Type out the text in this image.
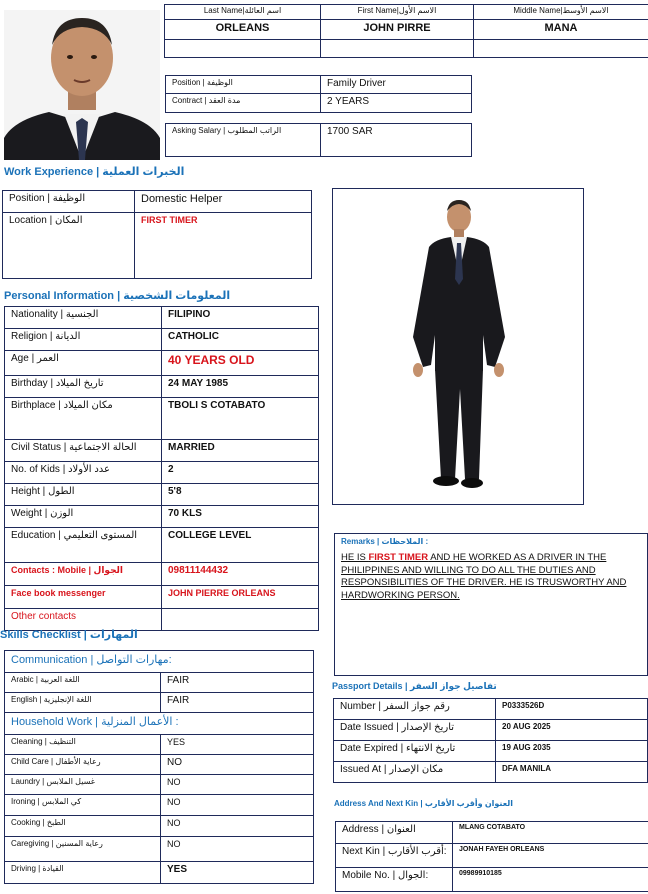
Last Name|اسم العائلة	First Name|الاسم الأول	Middle Name|الاسم الأوسط
ORLEANS	JOHN PIRRE	MANA

Position | الوظيفة	Family Driver
Contract | مدة العقد	2 YEARS
Asking Salary | الراتب المطلوب	1700 SAR
Work Experience | الخبرات العملية
Position | الوظيفة	Domestic Helper
Location | المكان	FIRST TIMER
Personal Information | المعلومات الشخصية
Nationality | الجنسية	FILIPINO
Religion | الديانة	CATHOLIC
Age | العمر	40 YEARS OLD
Birthday | تاريخ الميلاد	24 MAY 1985
Birthplace | مكان الميلاد	TBOLI S COTABATO
Civil Status | الحالة الاجتماعية	MARRIED
No. of Kids | عدد الأولاد	2
Height | الطول	5'8
Weight | الوزن	70 KLS
Education | المستوى التعليمي	COLLEGE LEVEL
Contacts : Mobile | الجوال	09811144432
Face book messenger	JOHN PIERRE ORLEANS
Other contacts	
Remarks | الملاحظات :
HE IS FIRST TIMER AND HE WORKED AS A DRIVER IN THE PHILIPPINES AND WILLING TO DO ALL THE DUTIES AND RESPONSIBILITIES OF THE DRIVER. HE IS TRUSWORTHY AND HARDWORKING PERSON.
Skills Checklist | المهارات
Communication | مهارات التواصل:	
Arabic | اللغة العربية	FAIR
English | اللغة الإنجليزية	FAIR
Household Work | الأعمال المنزلية :	
Cleaning | التنظيف	YES
Child Care | رعاية الأطفال	NO
Laundry | غسيل الملابس	NO
Ironing | كي الملابس	NO
Cooking | الطبخ	NO
Caregiving | رعاية المسنين	NO
Driving | القيادة	YES
Passport Details | تفاصيل جواز السفر
Number | رقم جواز السفر	P0333526D
Date Issued | تاريخ الإصدار	20 AUG 2025
Date Expired | تاريخ الانتهاء	19 AUG 2035
Issued At | مكان الإصدار	DFA MANILA
Address And Next Kin | العنوان وأقرب الأقارب
Address | العنوان	MLANG COTABATO
Next Kin | أقرب الأقارب:	JONAH FAYEH ORLEANS
Mobile No. | الجوال:	09989910185
